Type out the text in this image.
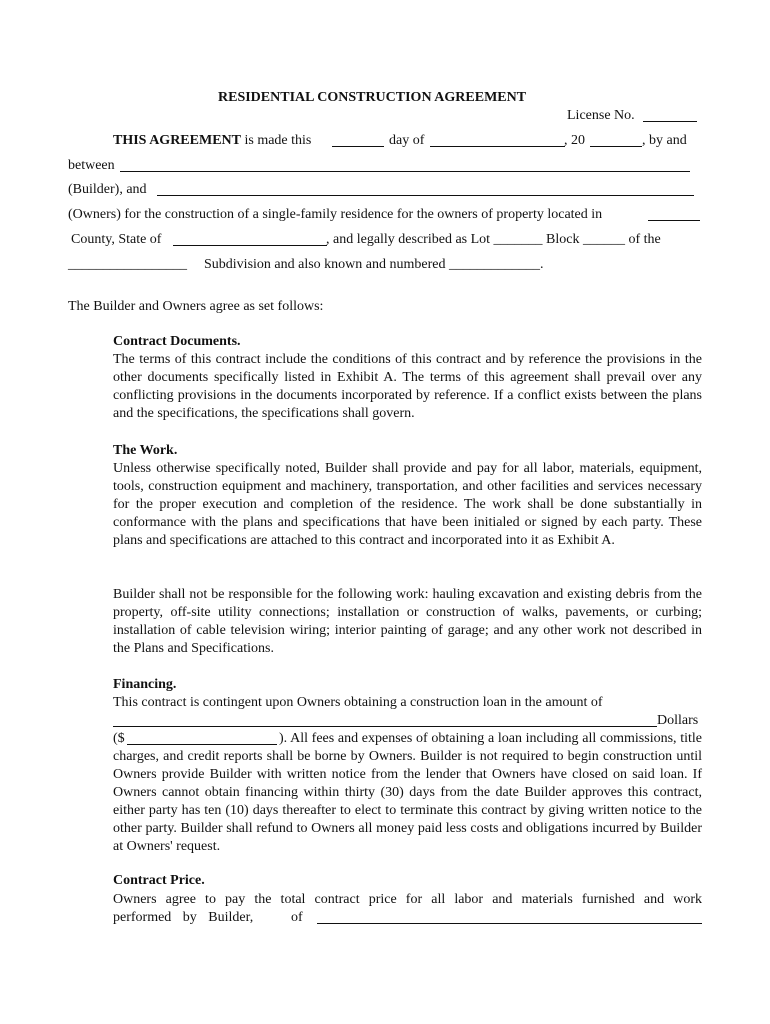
RESIDENTIAL CONSTRUCTION AGREEMENT
License No.
THIS AGREEMENT is made this	day of	, 20	, by and
between
(Builder), and
(Owners) for the construction of a single-family residence for the owners of property located in
County, State of	, and legally described as Lot _______ Block ______ of the
_________________ Subdivision and also known and numbered _____________.
The Builder and Owners agree as set follows:
Contract Documents.
The terms of this contract include the conditions of this contract and by reference the provisions in the other documents specifically listed in Exhibit A. The terms of this agreement shall prevail over any conflicting provisions in the documents incorporated by reference. If a conflict exists between the plans and the specifications, the specifications shall govern.
The Work.
Unless otherwise specifically noted, Builder shall provide and pay for all labor, materials, equipment, tools, construction equipment and machinery, transportation, and other facilities and services necessary for the proper execution and completion of the residence. The work shall be done substantially in conformance with the plans and specifications that have been initialed or signed by each party. These plans and specifications are attached to this contract and incorporated into it as Exhibit A.
Builder shall not be responsible for the following work: hauling excavation and existing debris from the property, off-site utility connections; installation or construction of walks, pavements, or curbing; installation of cable television wiring; interior painting of garage; and any other work not described in the Plans and Specifications.
Financing.
This contract is contingent upon Owners obtaining a construction loan in the amount of
Dollars
($	). All fees and expenses of obtaining a loan including all commissions, title charges, and credit reports shall be borne by Owners. Builder is not required to begin construction until Owners provide Builder with written notice from the lender that Owners have closed on said loan. If Owners cannot obtain financing within thirty (30) days from the date Builder approves this contract, either party has ten (10) days thereafter to elect to terminate this contract by giving written notice to the other party. Builder shall refund to Owners all money paid less costs and obligations incurred by Builder at Owners' request.
Contract Price.
Owners agree to pay the total contract price for all labor and materials furnished and work
performed by Builder,	of
